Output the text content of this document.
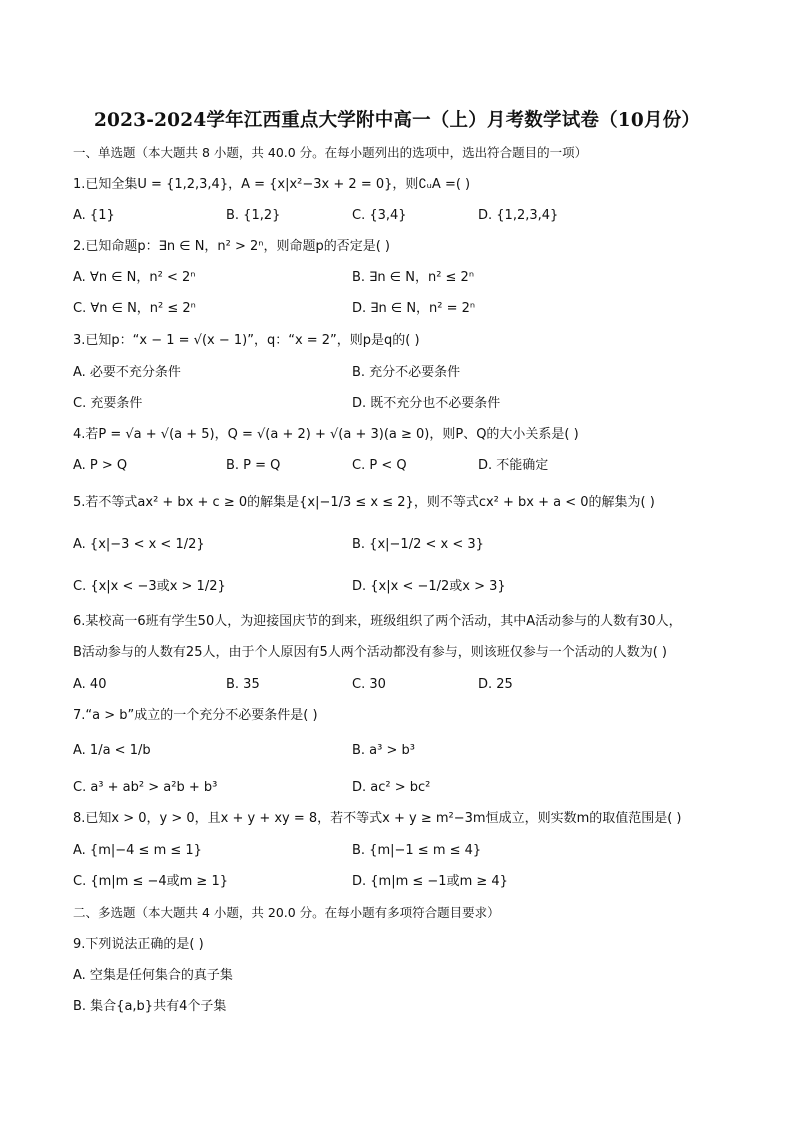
2023-2024学年江西重点大学附中高一（上）月考数学试卷（10月份）
一、单选题（本大题共 8 小题，共 40.0 分。在每小题列出的选项中，选出符合题目的一项）
1.已知全集U = {1,2,3,4}，A = {x|x²−3x + 2 = 0}，则∁ᵤA =( )
A. {1}	B. {1,2}	C. {3,4}	D. {1,2,3,4}
2.已知命题p：∃n ∈ N，n² > 2ⁿ，则命题p的否定是( )
A. ∀n ∈ N，n² < 2ⁿ	B. ∃n ∈ N，n² ≤ 2ⁿ
C. ∀n ∈ N，n² ≤ 2ⁿ	D. ∃n ∈ N，n² = 2ⁿ
3.已知p：“x − 1 = √(x − 1)”，q：“x = 2”，则p是q的( )
A. 必要不充分条件	B. 充分不必要条件
C. 充要条件	D. 既不充分也不必要条件
4.若P = √a + √(a + 5)，Q = √(a + 2) + √(a + 3)(a ≥ 0)，则P、Q的大小关系是( )
A. P > Q	B. P = Q	C. P < Q	D. 不能确定
5.若不等式ax² + bx + c ≥ 0的解集是{x|−1/3 ≤ x ≤ 2}，则不等式cx² + bx + a < 0的解集为( )
A. {x|−3 < x < 1/2}	B. {x|−1/2 < x < 3}
C. {x|x < −3或x > 1/2}	D. {x|x < −1/2或x > 3}
6.某校高一6班有学生50人，为迎接国庆节的到来，班级组织了两个活动，其中A活动参与的人数有30人，
B活动参与的人数有25人，由于个人原因有5人两个活动都没有参与，则该班仅参与一个活动的人数为( )
A. 40	B. 35	C. 30	D. 25
7.“a > b”成立的一个充分不必要条件是( )
A. 1/a < 1/b	B. a³ > b³
C. a³ + ab² > a²b + b³	D. ac² > bc²
8.已知x > 0，y > 0，且x + y + xy = 8，若不等式x + y ≥ m²−3m恒成立，则实数m的取值范围是( )
A. {m|−4 ≤ m ≤ 1}	B. {m|−1 ≤ m ≤ 4}
C. {m|m ≤ −4或m ≥ 1}	D. {m|m ≤ −1或m ≥ 4}
二、多选题（本大题共 4 小题，共 20.0 分。在每小题有多项符合题目要求）
9.下列说法正确的是( )
A. 空集是任何集合的真子集
B. 集合{a,b}共有4个子集
